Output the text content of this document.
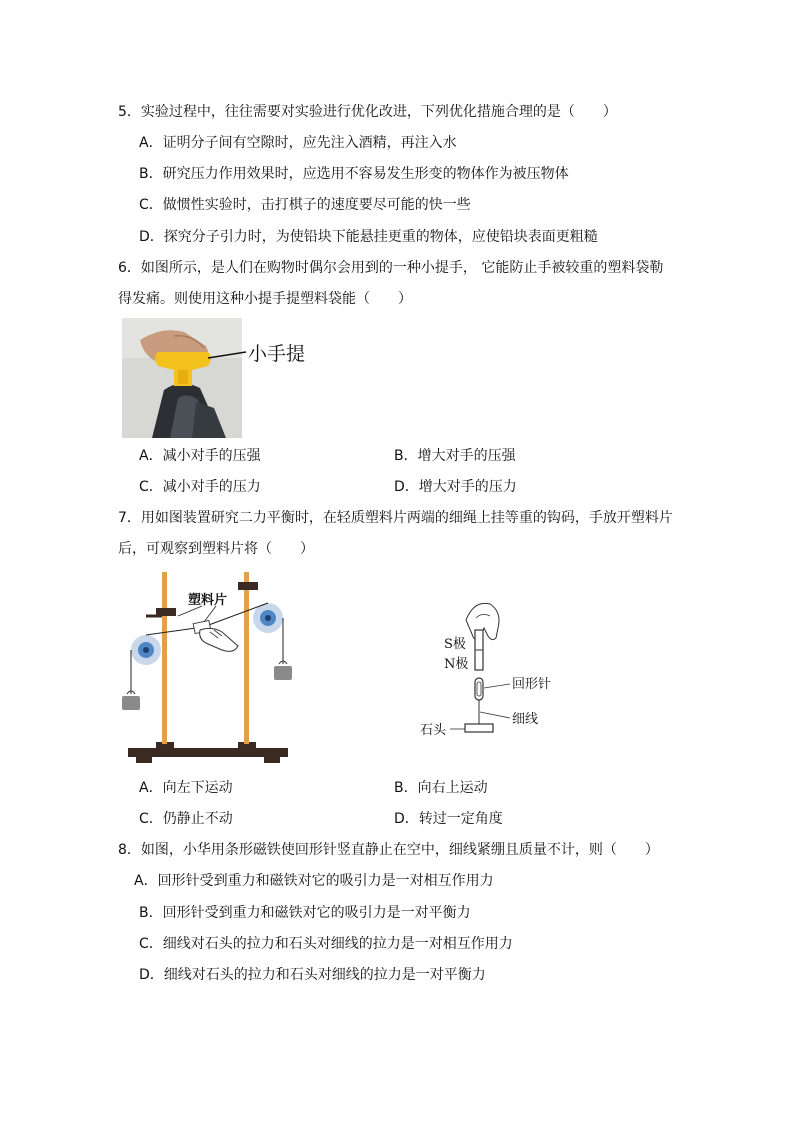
5．实验过程中，往往需要对实验进行优化改进，下列优化措施合理的是（　　）
A．证明分子间有空隙时，应先注入酒精，再注入水
B．研究压力作用效果时，应选用不容易发生形变的物体作为被压物体
C．做惯性实验时，击打棋子的速度要尽可能的快一些
D．探究分子引力时，为使铅块下能悬挂更重的物体，应使铅块表面更粗糙
6．如图所示，是人们在购物时偶尔会用到的一种小提手， 它能防止手被较重的塑料袋勒
得发痛。则使用这种小提手提塑料袋能（　　）
小手提
A．减小对手的压强	B．增大对手的压强
C．减小对手的压力	D．增大对手的压力
7．用如图装置研究二力平衡时，在轻质塑料片两端的细绳上挂等重的钩码，手放开塑料片
后，可观察到塑料片将（　　）
塑料片
S极
N极
回形针
细线
石头
A．向左下运动	B．向右上运动
C．仍静止不动	D．转过一定角度
8．如图，小华用条形磁铁使回形针竖直静止在空中，细线紧绷且质量不计，则（　　）
A．回形针受到重力和磁铁对它的吸引力是一对相互作用力
B．回形针受到重力和磁铁对它的吸引力是一对平衡力
C．细线对石头的拉力和石头对细线的拉力是一对相互作用力
D．细线对石头的拉力和石头对细线的拉力是一对平衡力
